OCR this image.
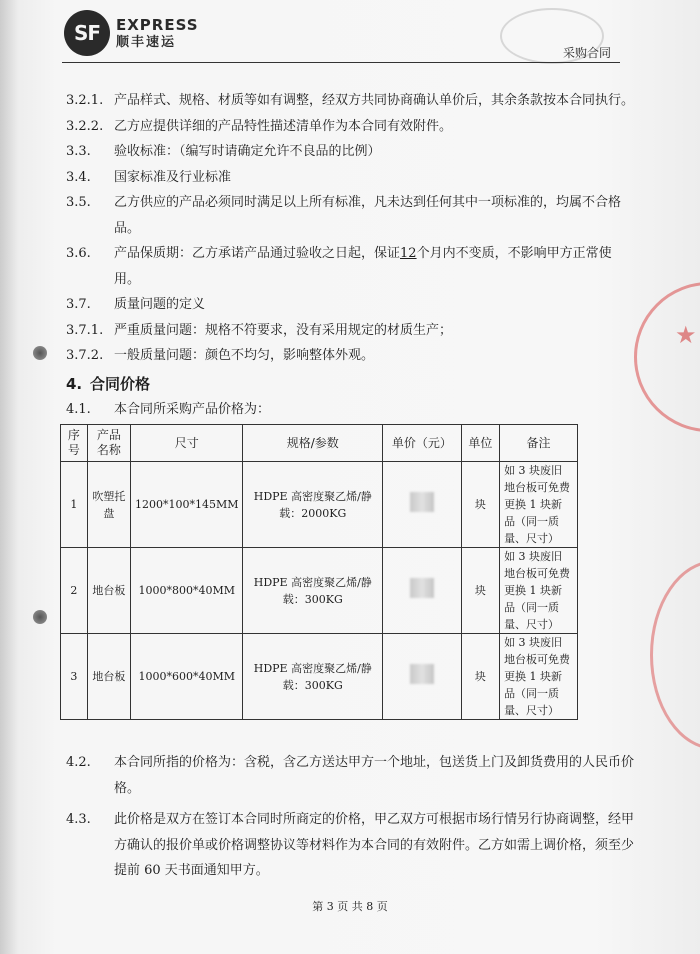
SF	EXPRESS
顺丰速运
采购合同
3.2.1. 产品样式、规格、材质等如有调整，经双方共同协商确认单价后，其余条款按本合同执行。
3.2.2. 乙方应提供详细的产品特性描述清单作为本合同有效附件。
3.3. 验收标准：（编写时请确定允许不良品的比例）
3.4. 国家标准及行业标准
3.5. 乙方供应的产品必须同时满足以上所有标准，凡未达到任何其中一项标准的，均属不合格品。
3.6. 产品保质期：乙方承诺产品通过验收之日起，保证12个月内不变质，不影响甲方正常使用。
3.7. 质量问题的定义
3.7.1. 严重质量问题：规格不符要求，没有采用规定的材质生产；
3.7.2. 一般质量问题：颜色不均匀，影响整体外观。
4. 合同价格
4.1. 本合同所采购产品价格为：
序号	产品名称	尺寸	规格/参数	单价（元）	单位	备注
1	吹塑托盘	1200*100*145MM	HDPE 高密度聚乙烯/静载：2000KG		块	如 3 块废旧地台板可免费更换 1 块新品（同一质量、尺寸）
2	地台板	1000*800*40MM	HDPE 高密度聚乙烯/静载：300KG		块	如 3 块废旧地台板可免费更换 1 块新品（同一质量、尺寸）
3	地台板	1000*600*40MM	HDPE 高密度聚乙烯/静载：300KG		块	如 3 块废旧地台板可免费更换 1 块新品（同一质量、尺寸）
4.2. 本合同所指的价格为：含税，含乙方送达甲方一个地址，包送货上门及卸货费用的人民币价格。
4.3. 此价格是双方在签订本合同时所商定的价格，甲乙双方可根据市场行情另行协商调整，经甲方确认的报价单或价格调整协议等材料作为本合同的有效附件。乙方如需上调价格，须至少提前 60 天书面通知甲方。
第 3 页 共 8 页
★
